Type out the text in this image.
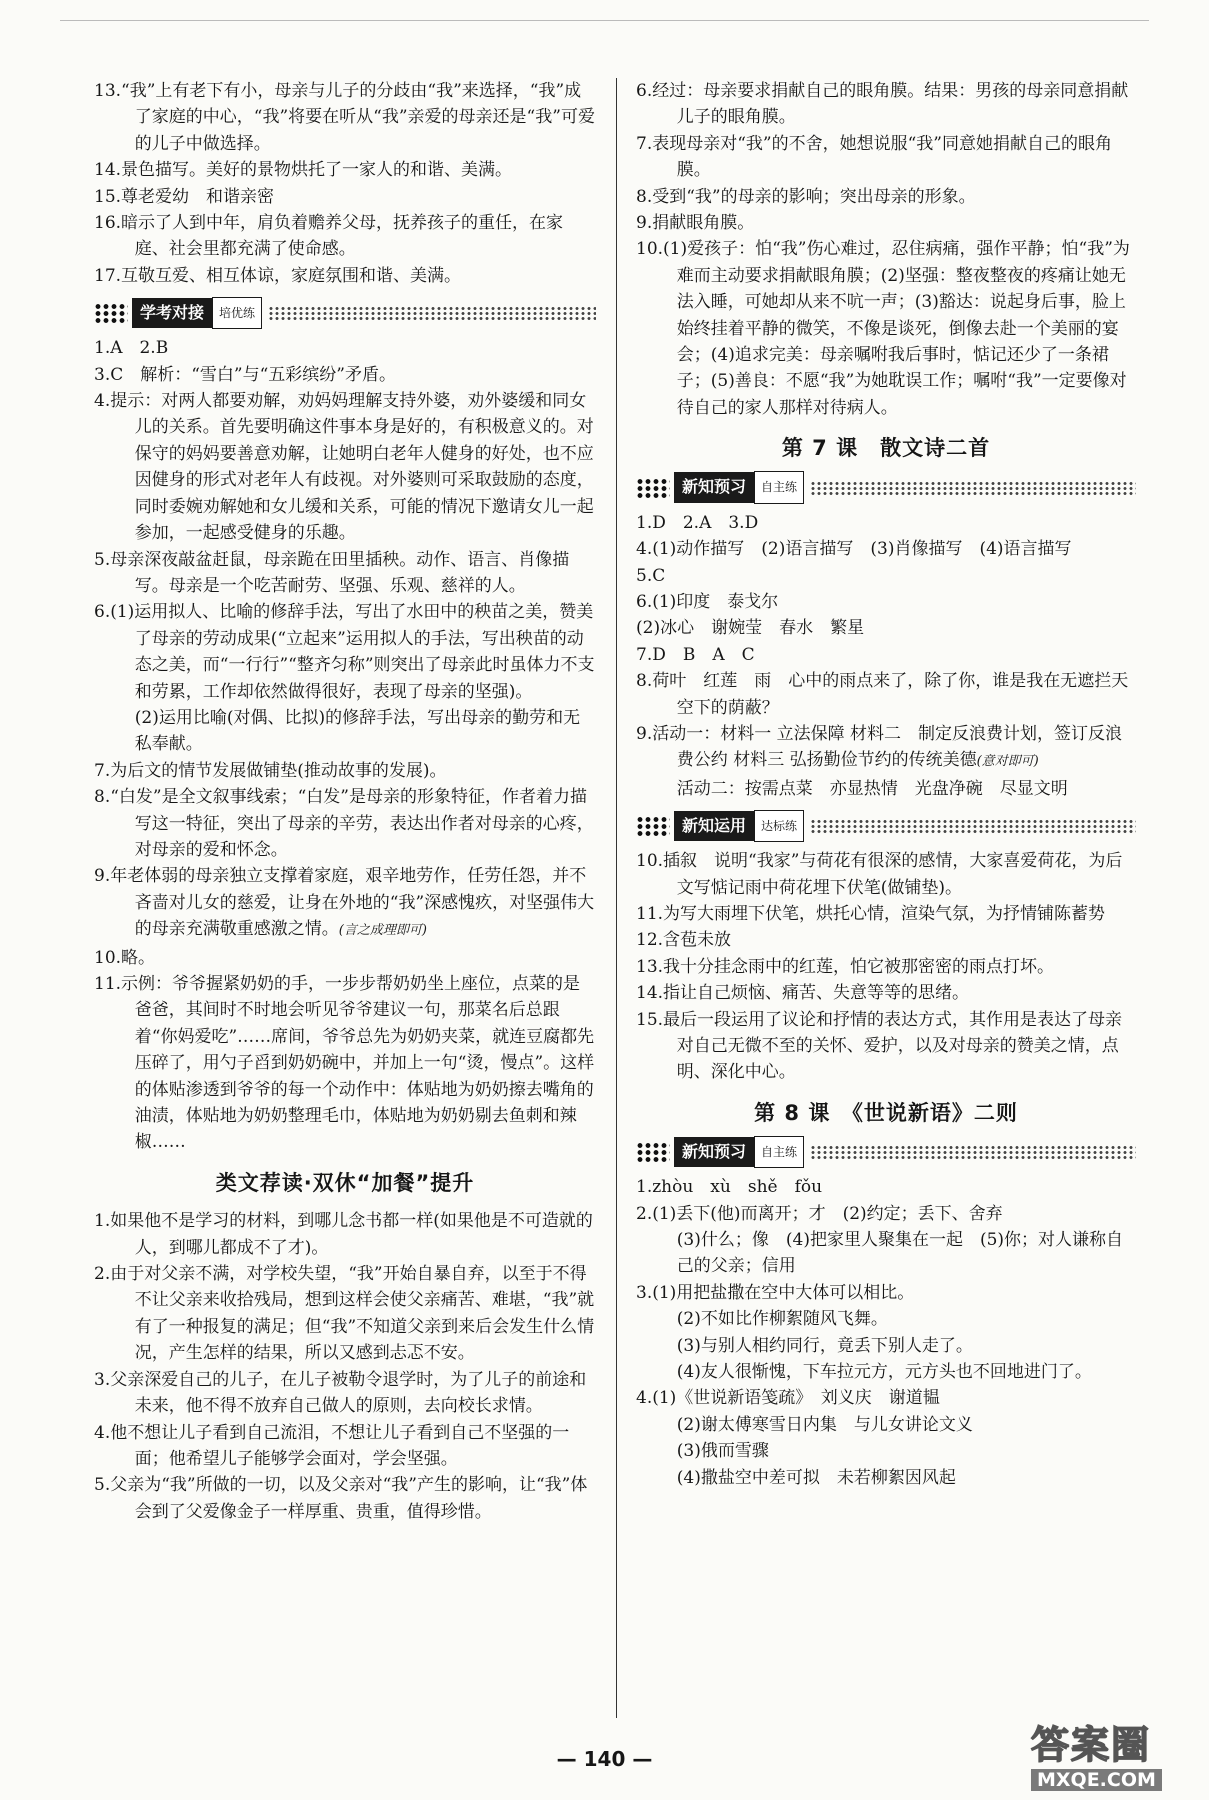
13.“我”上有老下有小，母亲与儿子的分歧由“我”来选择，“我”成了家庭的中心，“我”将要在听从“我”亲爱的母亲还是“我”可爱的儿子中做选择。

14.景色描写。美好的景物烘托了一家人的和谐、美满。

15.尊老爱幼　和谐亲密

16.暗示了人到中年，肩负着赡养父母，抚养孩子的重任，在家庭、社会里都充满了使命感。

17.互敬互爱、相互体谅，家庭氛围和谐、美满。

学考对接	培优练

1.A　2.B

3.C　解析：“雪白”与“五彩缤纷”矛盾。

4.提示：对两人都要劝解，劝妈妈理解支持外婆，劝外婆缓和同女儿的关系。首先要明确这件事本身是好的，有积极意义的。对保守的妈妈要善意劝解，让她明白老年人健身的好处，也不应因健身的形式对老年人有歧视。对外婆则可采取鼓励的态度，同时委婉劝解她和女儿缓和关系，可能的情况下邀请女儿一起参加，一起感受健身的乐趣。

5.母亲深夜敲盆赶鼠，母亲跪在田里插秧。动作、语言、肖像描写。母亲是一个吃苦耐劳、坚强、乐观、慈祥的人。

6.(1)运用拟人、比喻的修辞手法，写出了水田中的秧苗之美，赞美了母亲的劳动成果(“立起来”运用拟人的手法，写出秧苗的动态之美，而“一行行”“整齐匀称”则突出了母亲此时虽体力不支和劳累，工作却依然做得很好，表现了母亲的坚强)。

(2)运用比喻(对偶、比拟)的修辞手法，写出母亲的勤劳和无私奉献。

7.为后文的情节发展做铺垫(推动故事的发展)。

8.“白发”是全文叙事线索；“白发”是母亲的形象特征，作者着力描写这一特征，突出了母亲的辛劳，表达出作者对母亲的心疼，对母亲的爱和怀念。

9.年老体弱的母亲独立支撑着家庭，艰辛地劳作，任劳任怨，并不吝啬对儿女的慈爱，让身在外地的“我”深感愧疚，对坚强伟大的母亲充满敬重感激之情。(言之成理即可)

10.略。

11.示例：爷爷握紧奶奶的手，一步步帮奶奶坐上座位，点菜的是爸爸，其间时不时地会听见爷爷建议一句，那菜名后总跟着“你妈爱吃”……席间，爷爷总先为奶奶夹菜，就连豆腐都先压碎了，用勺子舀到奶奶碗中，并加上一句“烫，慢点”。这样的体贴渗透到爷爷的每一个动作中：体贴地为奶奶擦去嘴角的油渍，体贴地为奶奶整理毛巾，体贴地为奶奶剔去鱼刺和辣椒……

类文荐读·双休“加餐”提升

1.如果他不是学习的材料，到哪儿念书都一样(如果他是不可造就的人，到哪儿都成不了才)。

2.由于对父亲不满，对学校失望，“我”开始自暴自弃，以至于不得不让父亲来收拾残局，想到这样会使父亲痛苦、难堪，“我”就有了一种报复的满足；但“我”不知道父亲到来后会发生什么情况，产生怎样的结果，所以又感到忐忑不安。

3.父亲深爱自己的儿子，在儿子被勒令退学时，为了儿子的前途和未来，他不得不放弃自己做人的原则，去向校长求情。

4.他不想让儿子看到自己流泪，不想让儿子看到自己不坚强的一面；他希望儿子能够学会面对，学会坚强。

5.父亲为“我”所做的一切，以及父亲对“我”产生的影响，让“我”体会到了父爱像金子一样厚重、贵重，值得珍惜。

6.经过：母亲要求捐献自己的眼角膜。结果：男孩的母亲同意捐献儿子的眼角膜。

7.表现母亲对“我”的不舍，她想说服“我”同意她捐献自己的眼角膜。

8.受到“我”的母亲的影响；突出母亲的形象。

9.捐献眼角膜。

10.(1)爱孩子：怕“我”伤心难过，忍住病痛，强作平静；怕“我”为难而主动要求捐献眼角膜；(2)坚强：整夜整夜的疼痛让她无法入睡，可她却从来不吭一声；(3)豁达：说起身后事，脸上始终挂着平静的微笑，不像是谈死，倒像去赴一个美丽的宴会；(4)追求完美：母亲嘱咐我后事时，惦记还少了一条裙子；(5)善良：不愿“我”为她耽误工作；嘱咐“我”一定要像对待自己的家人那样对待病人。

第 7 课　散文诗二首
新知预习	自主练

1.D　2.A　3.D

4.(1)动作描写　(2)语言描写　(3)肖像描写　(4)语言描写

5.C

6.(1)印度　泰戈尔

(2)冰心　谢婉莹　春水　繁星

7.D　B　A　C

8.荷叶　红莲　雨　心中的雨点来了，除了你，谁是我在无遮拦天空下的荫蔽？

9.活动一：材料一 立法保障 材料二　制定反浪费计划，签订反浪费公约 材料三 弘扬勤俭节约的传统美德(意对即可)

活动二：按需点菜　亦显热情　光盘净碗　尽显文明

新知运用	达标练

10.插叙　说明“我家”与荷花有很深的感情，大家喜爱荷花，为后文写惦记雨中荷花埋下伏笔(做铺垫)。

11.为写大雨埋下伏笔，烘托心情，渲染气氛，为抒情铺陈蓄势

12.含苞未放

13.我十分挂念雨中的红莲，怕它被那密密的雨点打坏。

14.指让自己烦恼、痛苦、失意等等的思绪。

15.最后一段运用了议论和抒情的表达方式，其作用是表达了母亲对自己无微不至的关怀、爱护，以及对母亲的赞美之情，点明、深化中心。

第 8 课　《世说新语》二则
新知预习	自主练

1.zhòu　xù　shě　fǒu

2.(1)丢下(他)而离开；才　(2)约定；丢下、舍弃

(3)什么；像　(4)把家里人聚集在一起　(5)你；对人谦称自己的父亲；信用

3.(1)用把盐撒在空中大体可以相比。

(2)不如比作柳絮随风飞舞。

(3)与别人相约同行，竟丢下别人走了。

(4)友人很惭愧，下车拉元方，元方头也不回地进门了。

4.(1)《世说新语笺疏》　刘义庆　谢道韫

(2)谢太傅寒雪日内集　与儿女讲论文义

(3)俄而雪骤

(4)撒盐空中差可拟　未若柳絮因风起

— 140 —	答案圈
MXQE.COM
